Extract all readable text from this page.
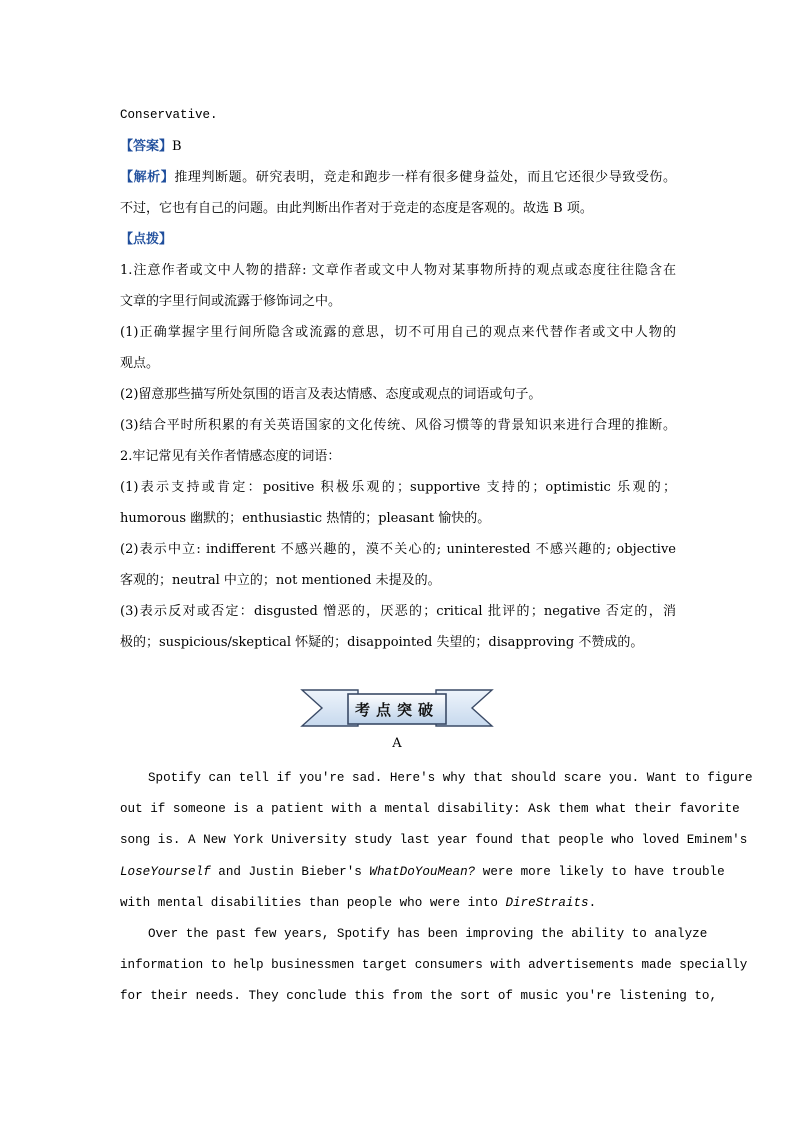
Conservative.
【答案】B
【解析】推理判断题。研究表明，竞走和跑步一样有很多健身益处，而且它还很少导致受伤。
不过，它也有自己的问题。由此判断出作者对于竞走的态度是客观的。故选 B 项。
【点拨】
1.注意作者或文中人物的措辞: 文章作者或文中人物对某事物所持的观点或态度往往隐含在
文章的字里行间或流露于修饰词之中。
(1)正确掌握字里行间所隐含或流露的意思，切不可用自己的观点来代替作者或文中人物的
观点。
(2)留意那些描写所处氛围的语言及表达情感、态度或观点的词语或句子。
(3)结合平时所积累的有关英语国家的文化传统、风俗习惯等的背景知识来进行合理的推断。
2.牢记常见有关作者情感态度的词语：
(1)表示支持或肯定：positive 积极乐观的；supportive 支持的；optimistic 乐观的；
humorous 幽默的；enthusiastic 热情的；pleasant 愉快的。
(2)表示中立: indifferent 不感兴趣的，漠不关心的; uninterested 不感兴趣的; objective
客观的；neutral 中立的；not mentioned 未提及的。
(3)表示反对或否定：disgusted 憎恶的，厌恶的；critical 批评的；negative 否定的，消
极的；suspicious/skeptical 怀疑的；disappointed 失望的；disapproving 不赞成的。
考点突破
A
Spotify can tell if you're sad. Here's why that should scare you. Want to figure
out if someone is a patient with a mental disability: Ask them what their favorite
song is. A New York University study last year found that people who loved Eminem's
LoseYourself and Justin Bieber's WhatDoYouMean? were more likely to have trouble
with mental disabilities than people who were into DireStraits.
Over the past few years, Spotify has been improving the ability to analyze
information to help businessmen target consumers with advertisements made specially
for their needs. They conclude this from the sort of music you're listening to,
